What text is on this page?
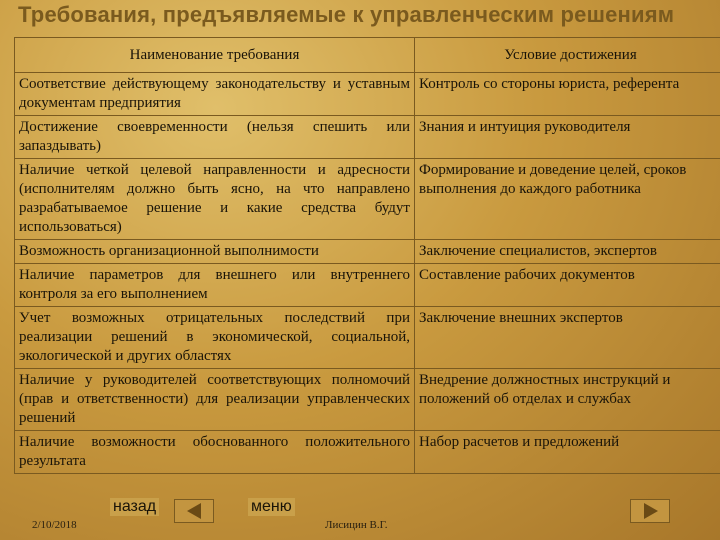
Требования, предъявляемые к управленческим решениям
Наименование требования	Условие достижения
Соответствие действующему законодательству и уставным документам предприятия	Контроль со стороны юриста, референта
Достижение своевременности (нельзя спешить или запаздывать)	Знания и интуиция руководителя
Наличие четкой целевой направленности и адресности (исполнителям должно быть ясно, на что направлено разрабатываемое решение и какие средства будут использоваться)	Формирование и доведение целей, сроков выполнения до каждого работника
Возможность организационной выполнимости	Заключение специалистов, экспертов
Наличие параметров для внешнего или внутреннего контроля за его выполнением	Составление рабочих документов
Учет возможных отрицательных последствий при реализации решений в экономической, социальной, экологической и других областях	Заключение внешних экспертов
Наличие у руководителей соответствующих полномочий (прав и ответственности) для реализации управленческих решений	Внедрение должностных инструкций и положений об отделах и службах
Наличие возможности обоснованного положительного результата	Набор расчетов и предложений
2/10/2018
назад	меню
Лисицин В.Г.
